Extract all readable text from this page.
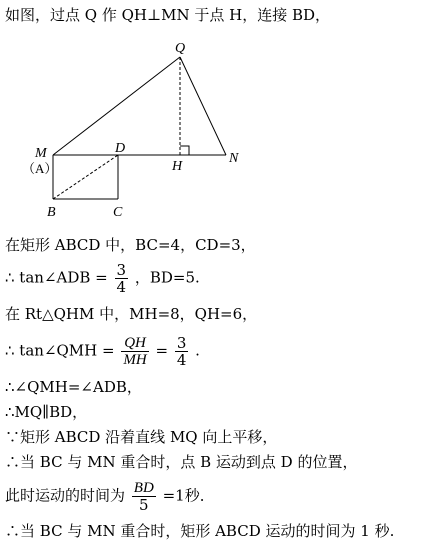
如图，过点 Q 作 QH⊥MN 于点 H，连接 BD，
Q
M
（A）
D
H
N
B	C
在矩形 ABCD 中，BC=4，CD=3，
∴ tan∠ADB = $\frac{3}{4}$ ，BD=5.
在 Rt△QHM 中，MH=8，QH=6，
∴ tan∠QMH = $\frac{QH}{MH} = \frac{3}{4}$ .
∴∠QMH=∠ADB，
∴MQ∥BD，
∵矩形 ABCD 沿着直线 MQ 向上平移，
∴当 BC 与 MN 重合时，点 B 运动到点 D 的位置，
此时运动的时间为 $\frac{BD}{5} =1$秒．
∴当 BC 与 MN 重合时，矩形 ABCD 运动的时间为 1 秒.
